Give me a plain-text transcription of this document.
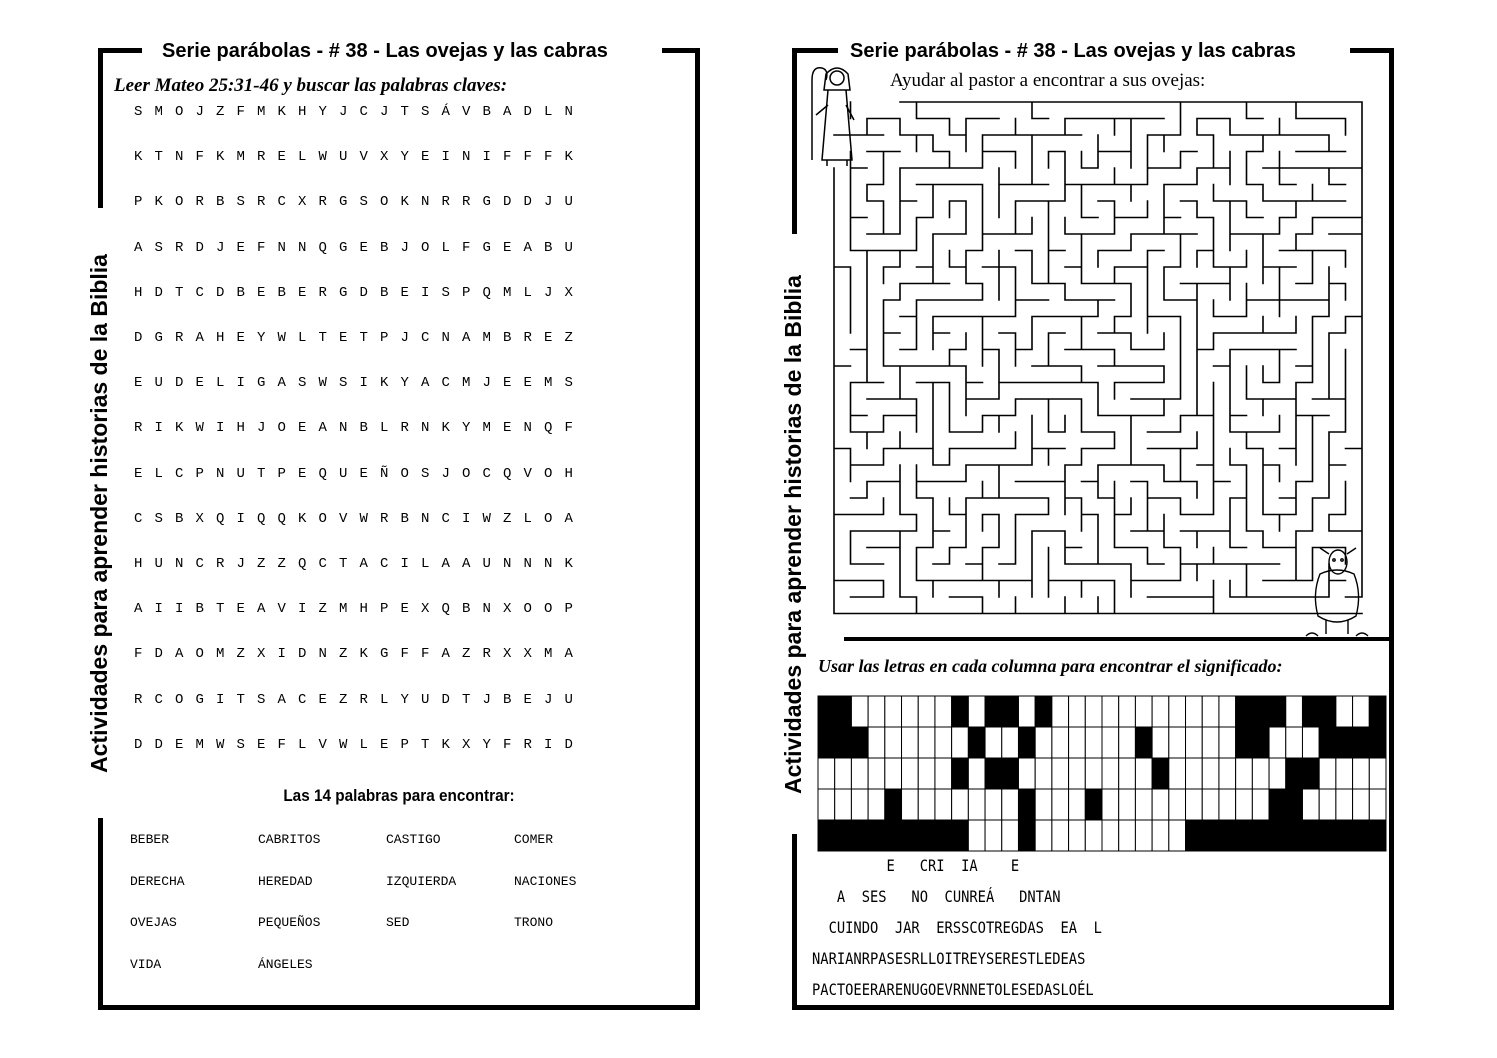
Serie parábolas - # 38 - Las ovejas y las cabras
Actividades para aprender historias de la Biblia
Leer Mateo 25:31-46 y buscar las palabras claves:
S M O J Z F M K H Y J C J T S Á V B A D L N
K T N F K M R E L W U V X Y E I N I F F F K
P K O R B S R C X R G S O K N R R G D D J U
A S R D J E F N N Q G E B J O L F G E A B U
H D T C D B E B E R G D B E I S P Q M L J X
D G R A H E Y W L T E T P J C N A M B R E Z
E U D E L I G A S W S I K Y A C M J E E M S
R I K W I H J O E A N B L R N K Y M E N Q F
E L C P N U T P E Q U E Ñ O S J O C Q V O H
C S B X Q I Q Q K O V W R B N C I W Z L O A
H U N C R J Z Z Q C T A C I L A A U N N N K
A I I B T E A V I Z M H P E X Q B N X O O P
F D A O M Z X I D N Z K G F F A Z R X X M A
R C O G I T S A C E Z R L Y U D T J B E J U
D D E M W S E F L V W L E P T K X Y F R I D
Las 14 palabras para encontrar:
BEBER	CABRITOS	CASTIGO	COMER
DERECHA	HEREDAD	IZQUIERDA	NACIONES
OVEJAS	PEQUEÑOS	SED	TRONO
VIDA	ÁNGELES
Serie parábolas - # 38 - Las ovejas y las cabras
Actividades para aprender historias de la Biblia
Ayudar al pastor a encontrar a sus ovejas:
Usar las letras en cada columna para encontrar el significado:
E   CRI  IA    E
A  SES   NO  CUNREÁ   DNTAN
CUINDO  JAR  ERSSCOTREGDAS  EA  L
NARIANRPASESRLLOITREYSERESTLEDEAS
PACTOEERARENUGOEVRNNETOLESEDASLOÉL
